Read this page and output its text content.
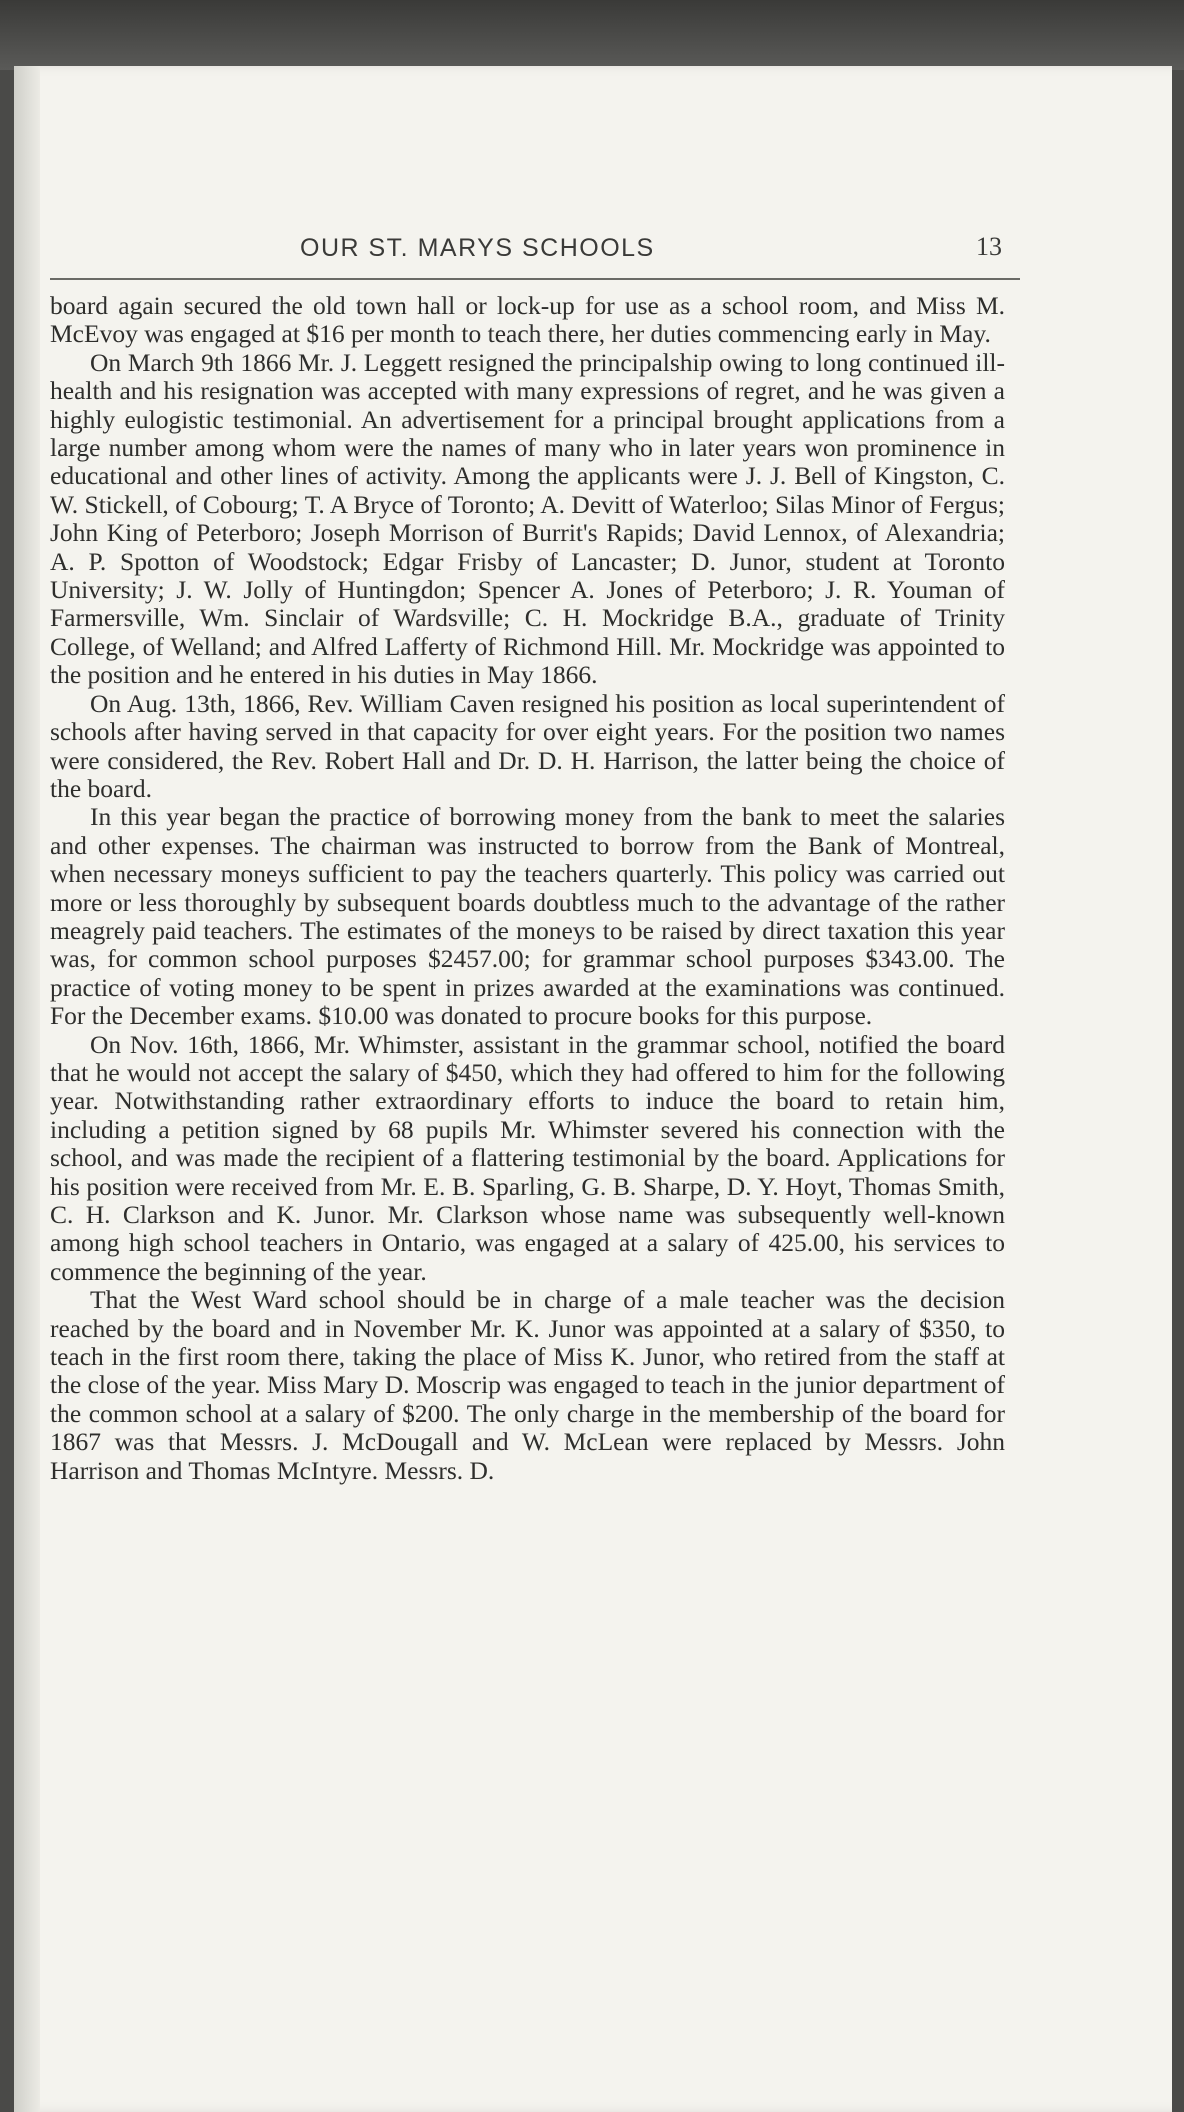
OUR ST. MARYS SCHOOLS	13

board again secured the old town hall or lock-up for use as a school room, and Miss M. McEvoy was engaged at $16 per month to teach there, her duties commencing early in May.

On March 9th 1866 Mr. J. Leggett resigned the principalship owing to long continued ill-health and his resignation was accepted with many expressions of regret, and he was given a highly eulogistic testimonial. An advertisement for a principal brought applications from a large number among whom were the names of many who in later years won prominence in educational and other lines of activity. Among the applicants were J. J. Bell of Kingston, C. W. Stickell, of Cobourg; T. A Bryce of Toronto; A. Devitt of Waterloo; Silas Minor of Fergus; John King of Peterboro; Joseph Morrison of Burrit's Rapids; David Lennox, of Alexandria; A. P. Spotton of Woodstock; Edgar Frisby of Lancaster; D. Junor, student at Toronto University; J. W. Jolly of Huntingdon; Spencer A. Jones of Peterboro; J. R. Youman of Farmersville, Wm. Sinclair of Wardsville; C. H. Mockridge B.A., graduate of Trinity College, of Welland; and Alfred Lafferty of Richmond Hill. Mr. Mockridge was appointed to the position and he entered in his duties in May 1866.

On Aug. 13th, 1866, Rev. William Caven resigned his position as local superintendent of schools after having served in that capacity for over eight years. For the position two names were considered, the Rev. Robert Hall and Dr. D. H. Harrison, the latter being the choice of the board.

In this year began the practice of borrowing money from the bank to meet the salaries and other expenses. The chairman was instructed to borrow from the Bank of Montreal, when necessary moneys sufficient to pay the teachers quarterly. This policy was carried out more or less thoroughly by subsequent boards doubtless much to the advantage of the rather meagrely paid teachers. The estimates of the moneys to be raised by direct taxation this year was, for common school purposes $2457.00; for grammar school purposes $343.00. The practice of voting money to be spent in prizes awarded at the examinations was continued. For the December exams. $10.00 was donated to procure books for this purpose.

On Nov. 16th, 1866, Mr. Whimster, assistant in the grammar school, notified the board that he would not accept the salary of $450, which they had offered to him for the following year. Notwithstanding rather extraordinary efforts to induce the board to retain him, including a petition signed by 68 pupils Mr. Whimster severed his connection with the school, and was made the recipient of a flattering testimonial by the board. Applications for his position were received from Mr. E. B. Sparling, G. B. Sharpe, D. Y. Hoyt, Thomas Smith, C. H. Clarkson and K. Junor. Mr. Clarkson whose name was subsequently well-known among high school teachers in Ontario, was engaged at a salary of 425.00, his services to commence the beginning of the year.

That the West Ward school should be in charge of a male teacher was the decision reached by the board and in November Mr. K. Junor was appointed at a salary of $350, to teach in the first room there, taking the place of Miss K. Junor, who retired from the staff at the close of the year. Miss Mary D. Moscrip was engaged to teach in the junior department of the common school at a salary of $200. The only charge in the membership of the board for 1867 was that Messrs. J. McDougall and W. McLean were replaced by Messrs. John Harrison and Thomas McIntyre. Messrs. D.
